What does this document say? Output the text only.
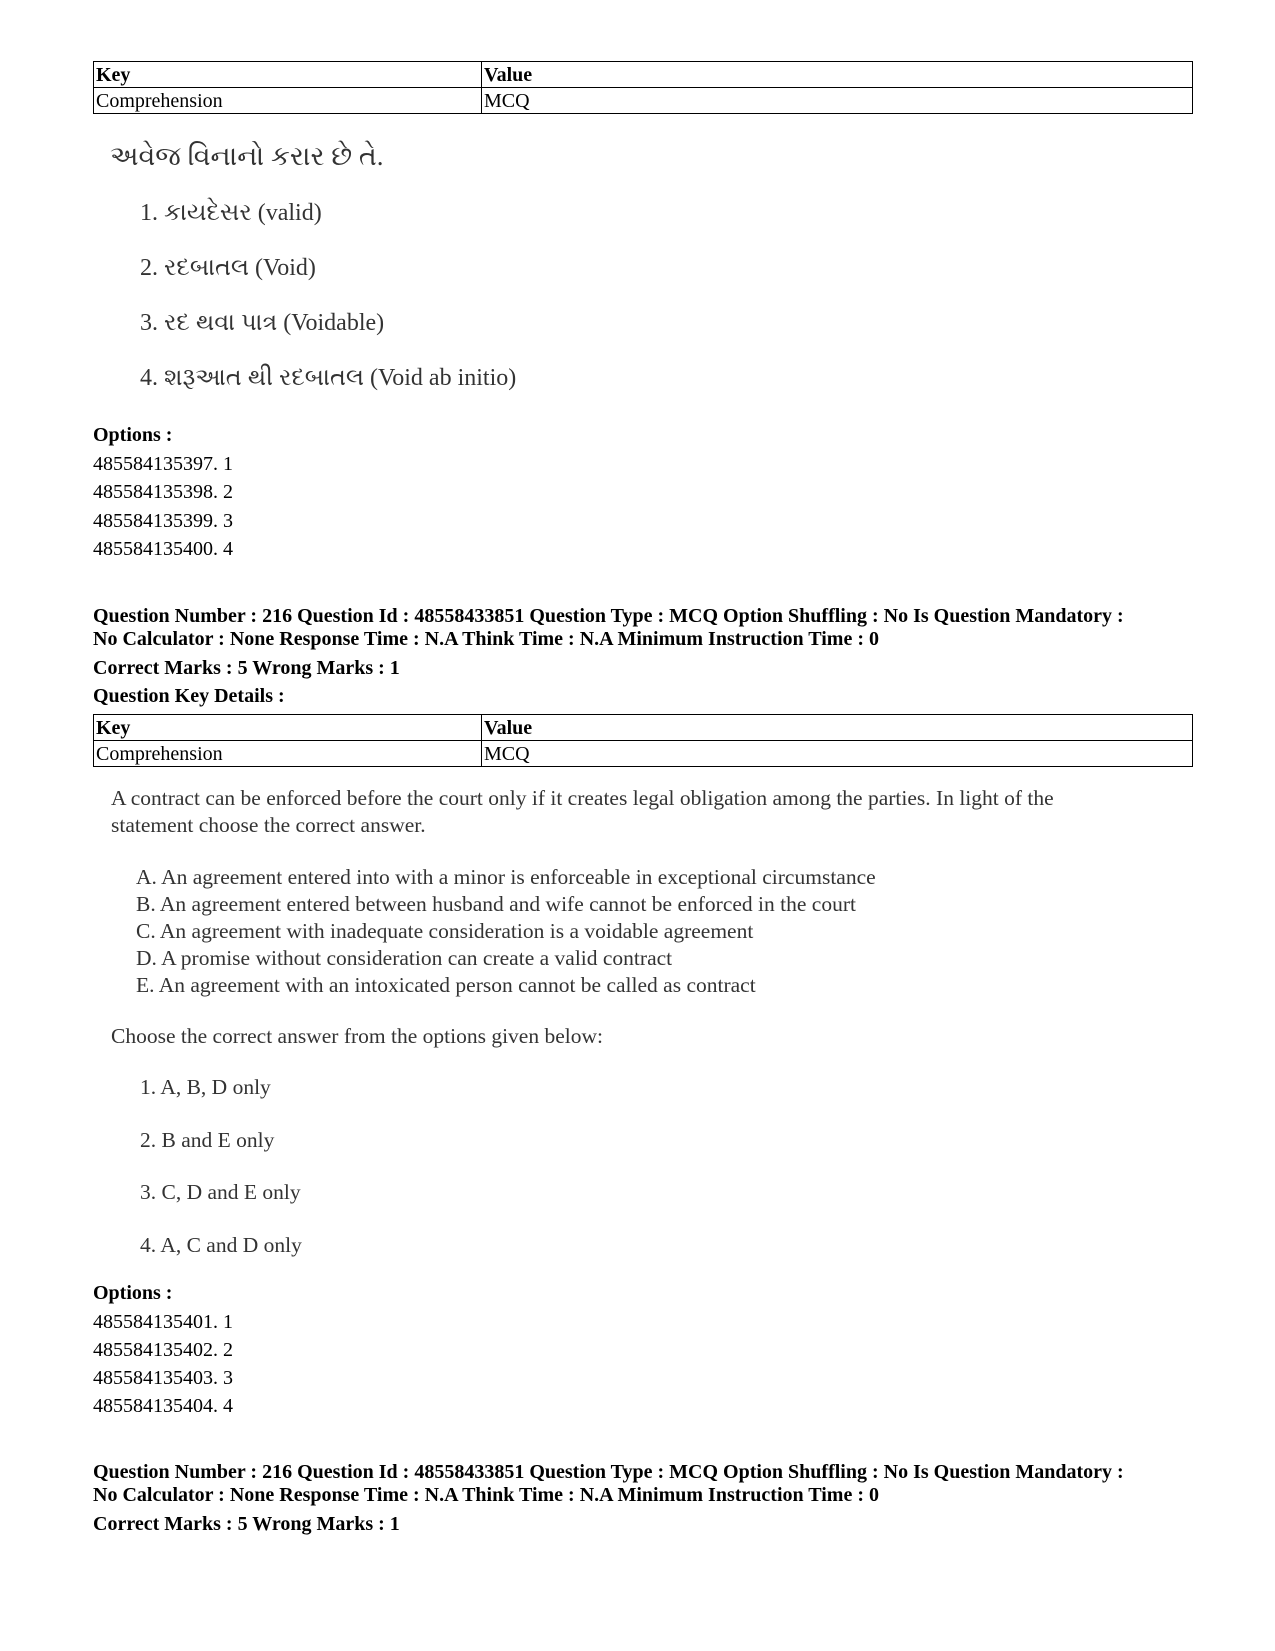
Key	Value
Comprehension	MCQ
અવેજ વિનાનો કરાર છે તે.
1. કાયદેસર (valid)
2. રદબાતલ (Void)
3. રદ થવા પાત્ર (Voidable)
4. શરૂઆત થી રદબાતલ (Void ab initio)
Options :
485584135397. 1
485584135398. 2
485584135399. 3
485584135400. 4
Question Number : 216 Question Id : 48558433851 Question Type : MCQ Option Shuffling : No Is Question Mandatory :
No Calculator : None Response Time : N.A Think Time : N.A Minimum Instruction Time : 0
Correct Marks : 5 Wrong Marks : 1
Question Key Details :
Key	Value
Comprehension	MCQ
A contract can be enforced before the court only if it creates legal obligation among the parties. In light of the
statement choose the correct answer.
A. An agreement entered into with a minor is enforceable in exceptional circumstance
B. An agreement entered between husband and wife cannot be enforced in the court
C. An agreement with inadequate consideration is a voidable agreement
D. A promise without consideration can create a valid contract
E. An agreement with an intoxicated person cannot be called as contract
Choose the correct answer from the options given below:
1. A, B, D only
2. B and E only
3. C, D and E only
4. A, C and D only
Options :
485584135401. 1
485584135402. 2
485584135403. 3
485584135404. 4
Question Number : 216 Question Id : 48558433851 Question Type : MCQ Option Shuffling : No Is Question Mandatory :
No Calculator : None Response Time : N.A Think Time : N.A Minimum Instruction Time : 0
Correct Marks : 5 Wrong Marks : 1
